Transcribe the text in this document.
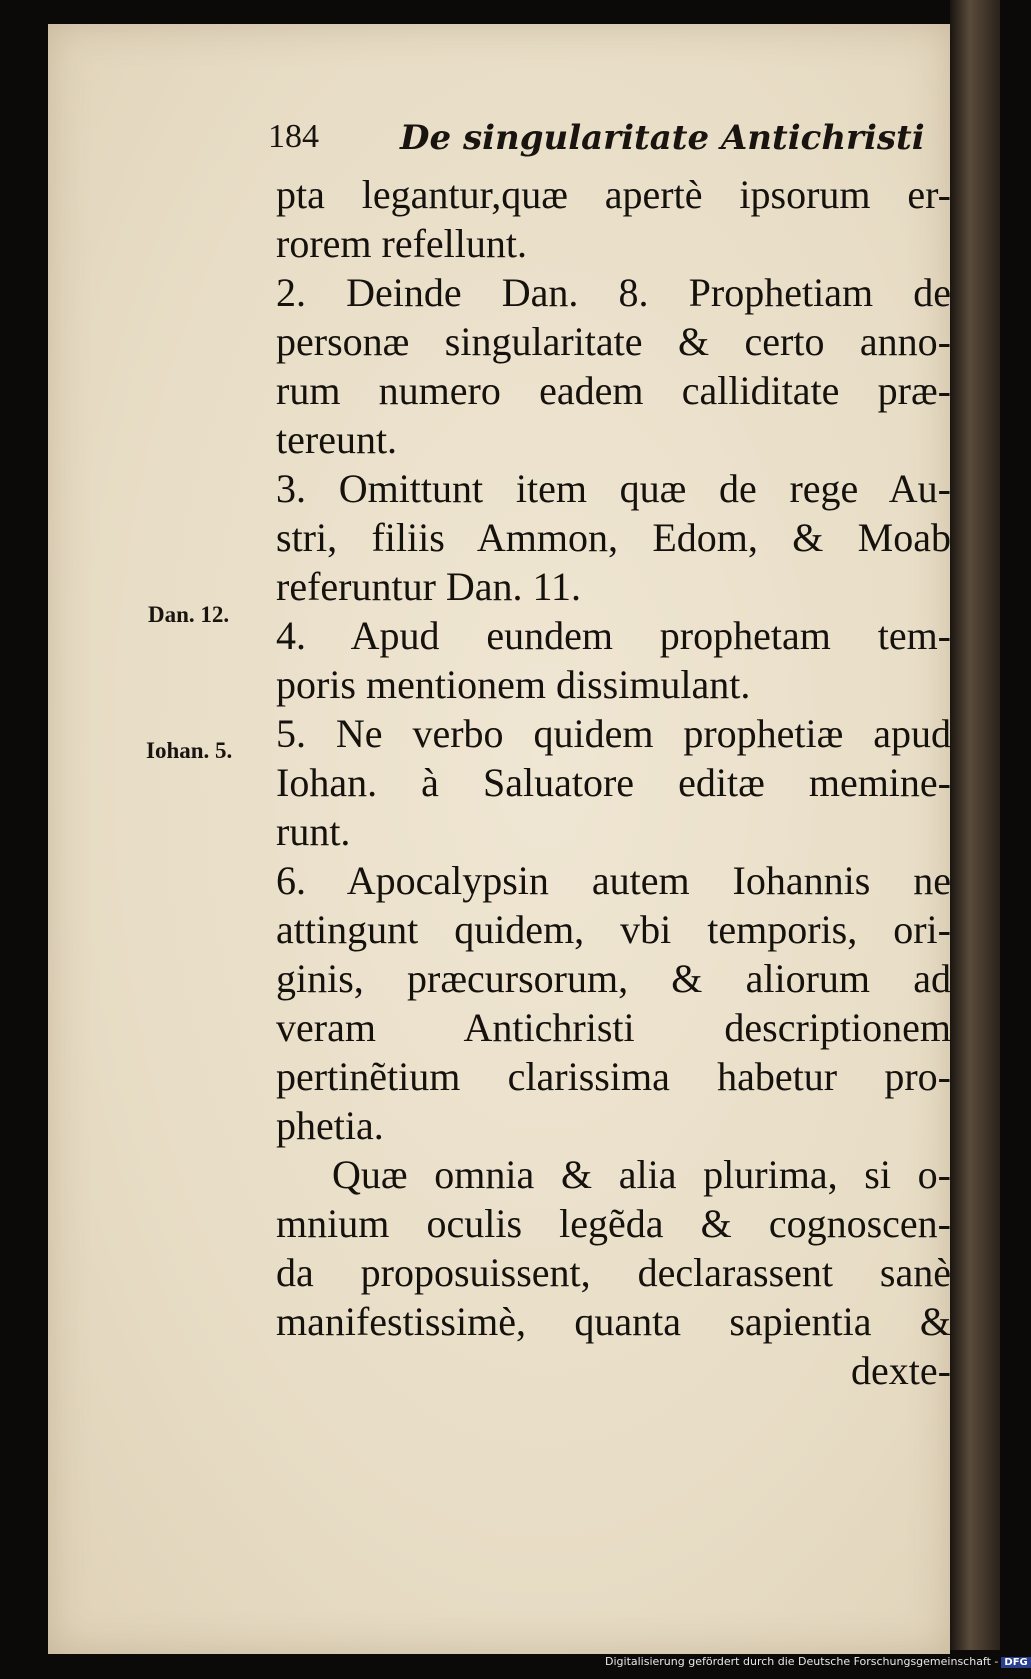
184 De singularitate Antichristi
Dan. 12.
Iohan. 5.
pta legantur,quæ apertè ipsorum er-
rorem refellunt.
2. Deinde Dan. 8. Prophetiam de
personæ singularitate & certo anno-
rum numero eadem calliditate præ-
tereunt.
3. Omittunt item quæ de rege Au-
stri, filiis Ammon, Edom, & Moab
referuntur Dan. 11.
4. Apud eundem prophetam tem-
poris mentionem dissimulant.
5. Ne verbo quidem prophetiæ apud
Iohan. à Saluatore editæ memine-
runt.
6. Apocalypsin autem Iohannis ne
attingunt quidem, vbi temporis, ori-
ginis, præcursorum, & aliorum ad
veram Antichristi descriptionem
pertinẽtium clarissima habetur pro-
phetia.
Quæ omnia & alia plurima, si o-
mnium oculis legẽda & cognoscen-
da proposuissent, declarassent sanè
manifestissimè, quanta sapientia &
dexte-
Digitalisierung gefördert durch die Deutsche Forschungsgemeinschaft - DFG
